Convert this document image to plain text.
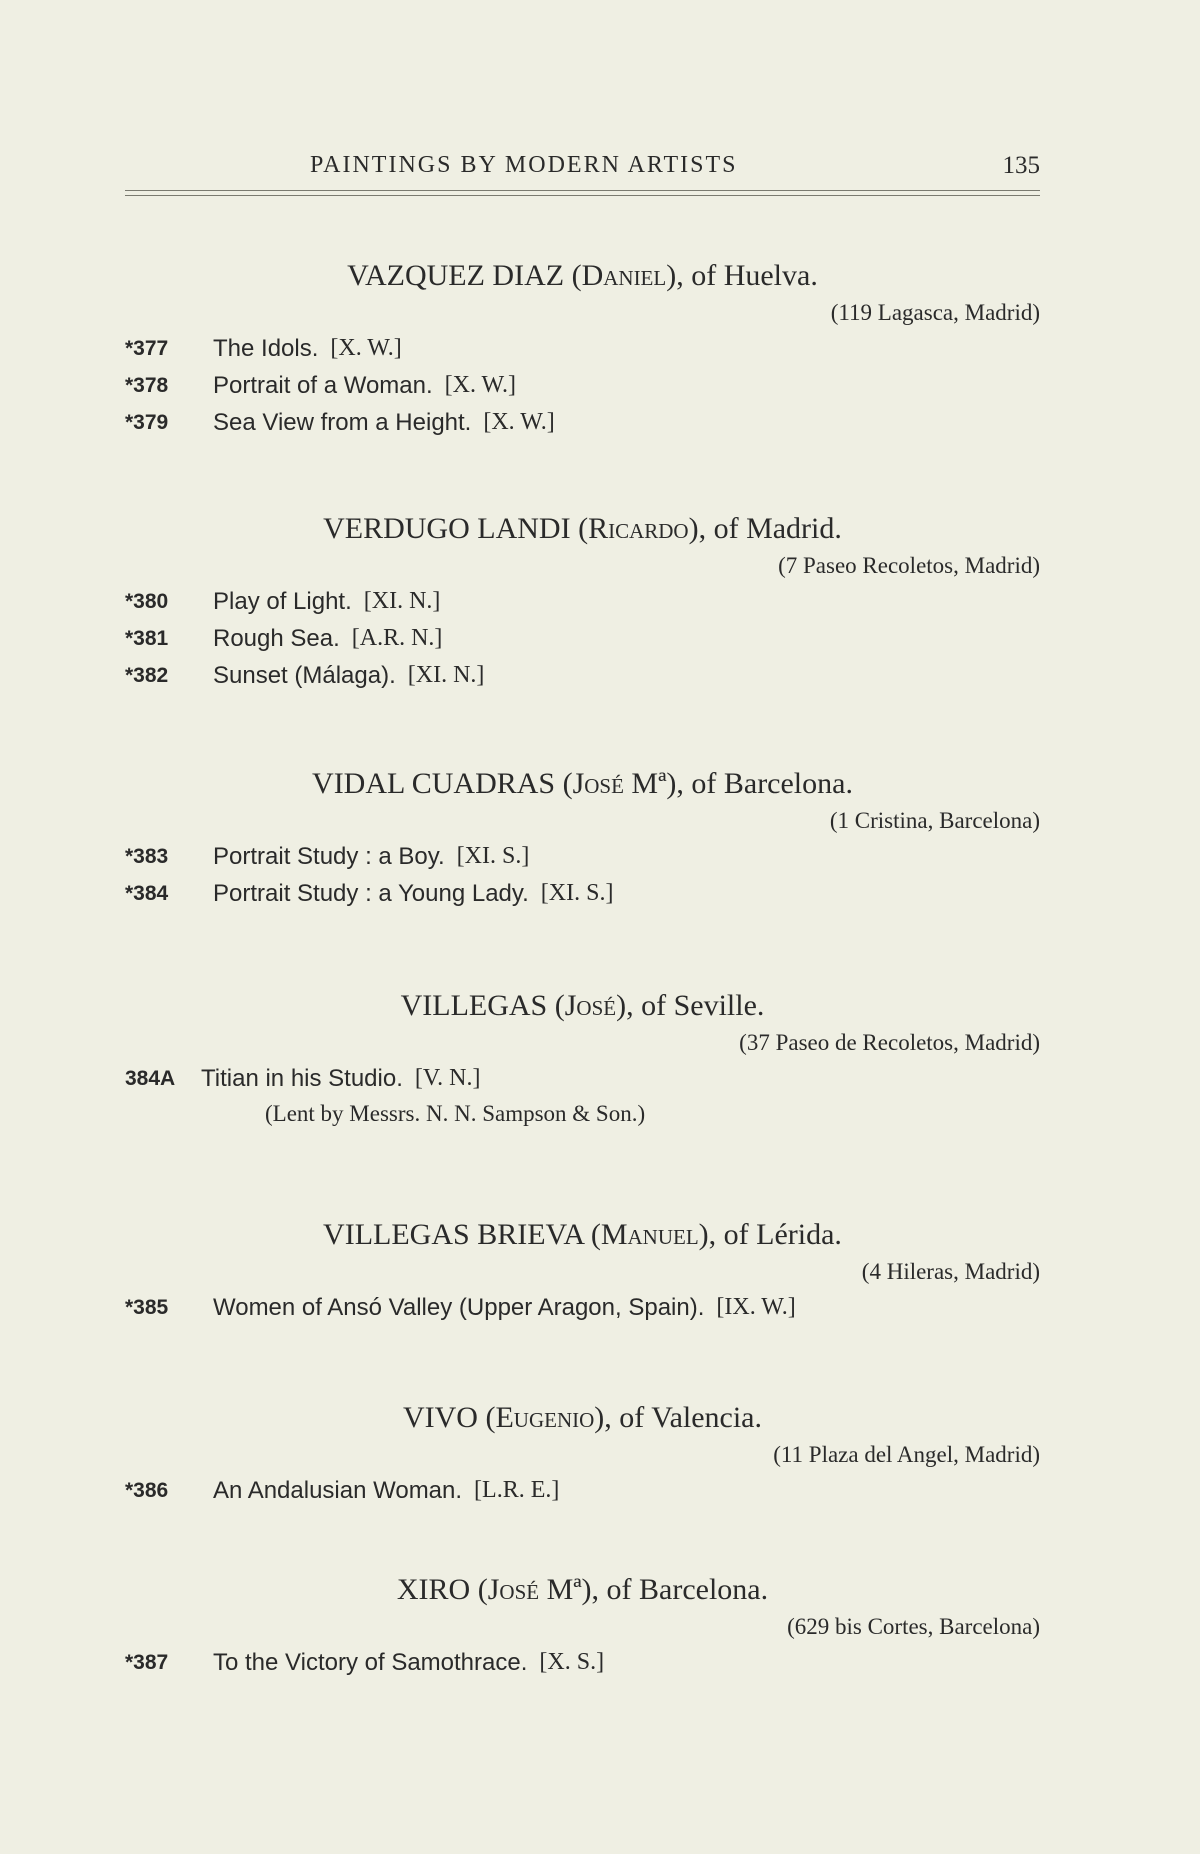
PAINTINGS BY MODERN ARTISTS	135
VAZQUEZ DIAZ (Daniel), of Huelva.
(119 Lagasca, Madrid)
*377	The Idols. [X. W.]
*378	Portrait of a Woman. [X. W.]
*379	Sea View from a Height. [X. W.]
VERDUGO LANDI (Ricardo), of Madrid.
(7 Paseo Recoletos, Madrid)
*380	Play of Light. [XI. N.]
*381	Rough Sea. [A.R. N.]
*382	Sunset (Málaga). [XI. N.]
VIDAL CUADRAS (José Mª), of Barcelona.
(1 Cristina, Barcelona)
*383	Portrait Study : a Boy. [XI. S.]
*384	Portrait Study : a Young Lady. [XI. S.]
VILLEGAS (José), of Seville.
(37 Paseo de Recoletos, Madrid)
384A	Titian in his Studio. [V. N.]
(Lent by Messrs. N. N. Sampson & Son.)
VILLEGAS BRIEVA (Manuel), of Lérida.
(4 Hileras, Madrid)
*385	Women of Ansó Valley (Upper Aragon, Spain). [IX. W.]
VIVO (Eugenio), of Valencia.
(11 Plaza del Angel, Madrid)
*386	An Andalusian Woman. [L.R. E.]
XIRO (José Mª), of Barcelona.
(629 bis Cortes, Barcelona)
*387	To the Victory of Samothrace. [X. S.]
